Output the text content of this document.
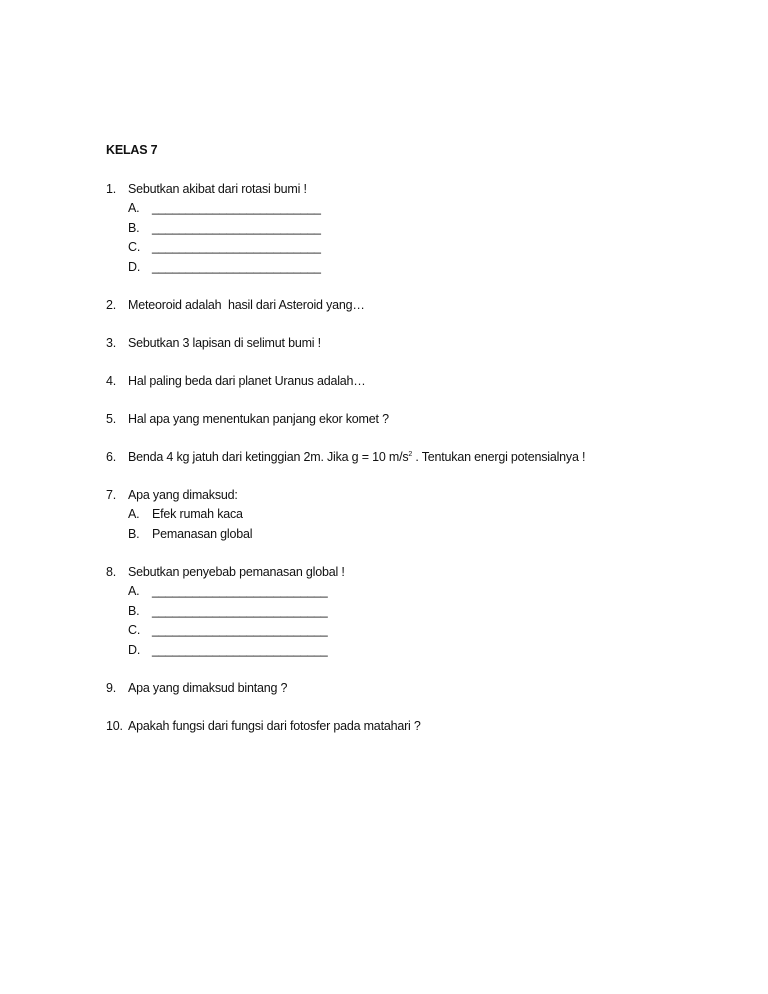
KELAS 7
1. Sebutkan akibat dari rotasi bumi !
A.	_________________________
B.	_________________________
C. _________________________
D. _________________________
2. Meteoroid adalah  hasil dari Asteroid yang…
3. Sebutkan 3 lapisan di selimut bumi !
4. Hal paling beda dari planet Uranus adalah…
5. Hal apa yang menentukan panjang ekor komet ?
6. Benda 4 kg jatuh dari ketinggian 2m. Jika g = 10 $m/s^2$ . Tentukan energi potensialnya !
7. Apa yang dimaksud:
A.	Efek rumah kaca
B.	Pemanasan global
8. Sebutkan penyebab pemanasan global !
A.	__________________________
B.	__________________________
C. __________________________
D. __________________________
9. Apa yang dimaksud bintang ?
10. Apakah fungsi dari fungsi dari fotosfer pada matahari ?
